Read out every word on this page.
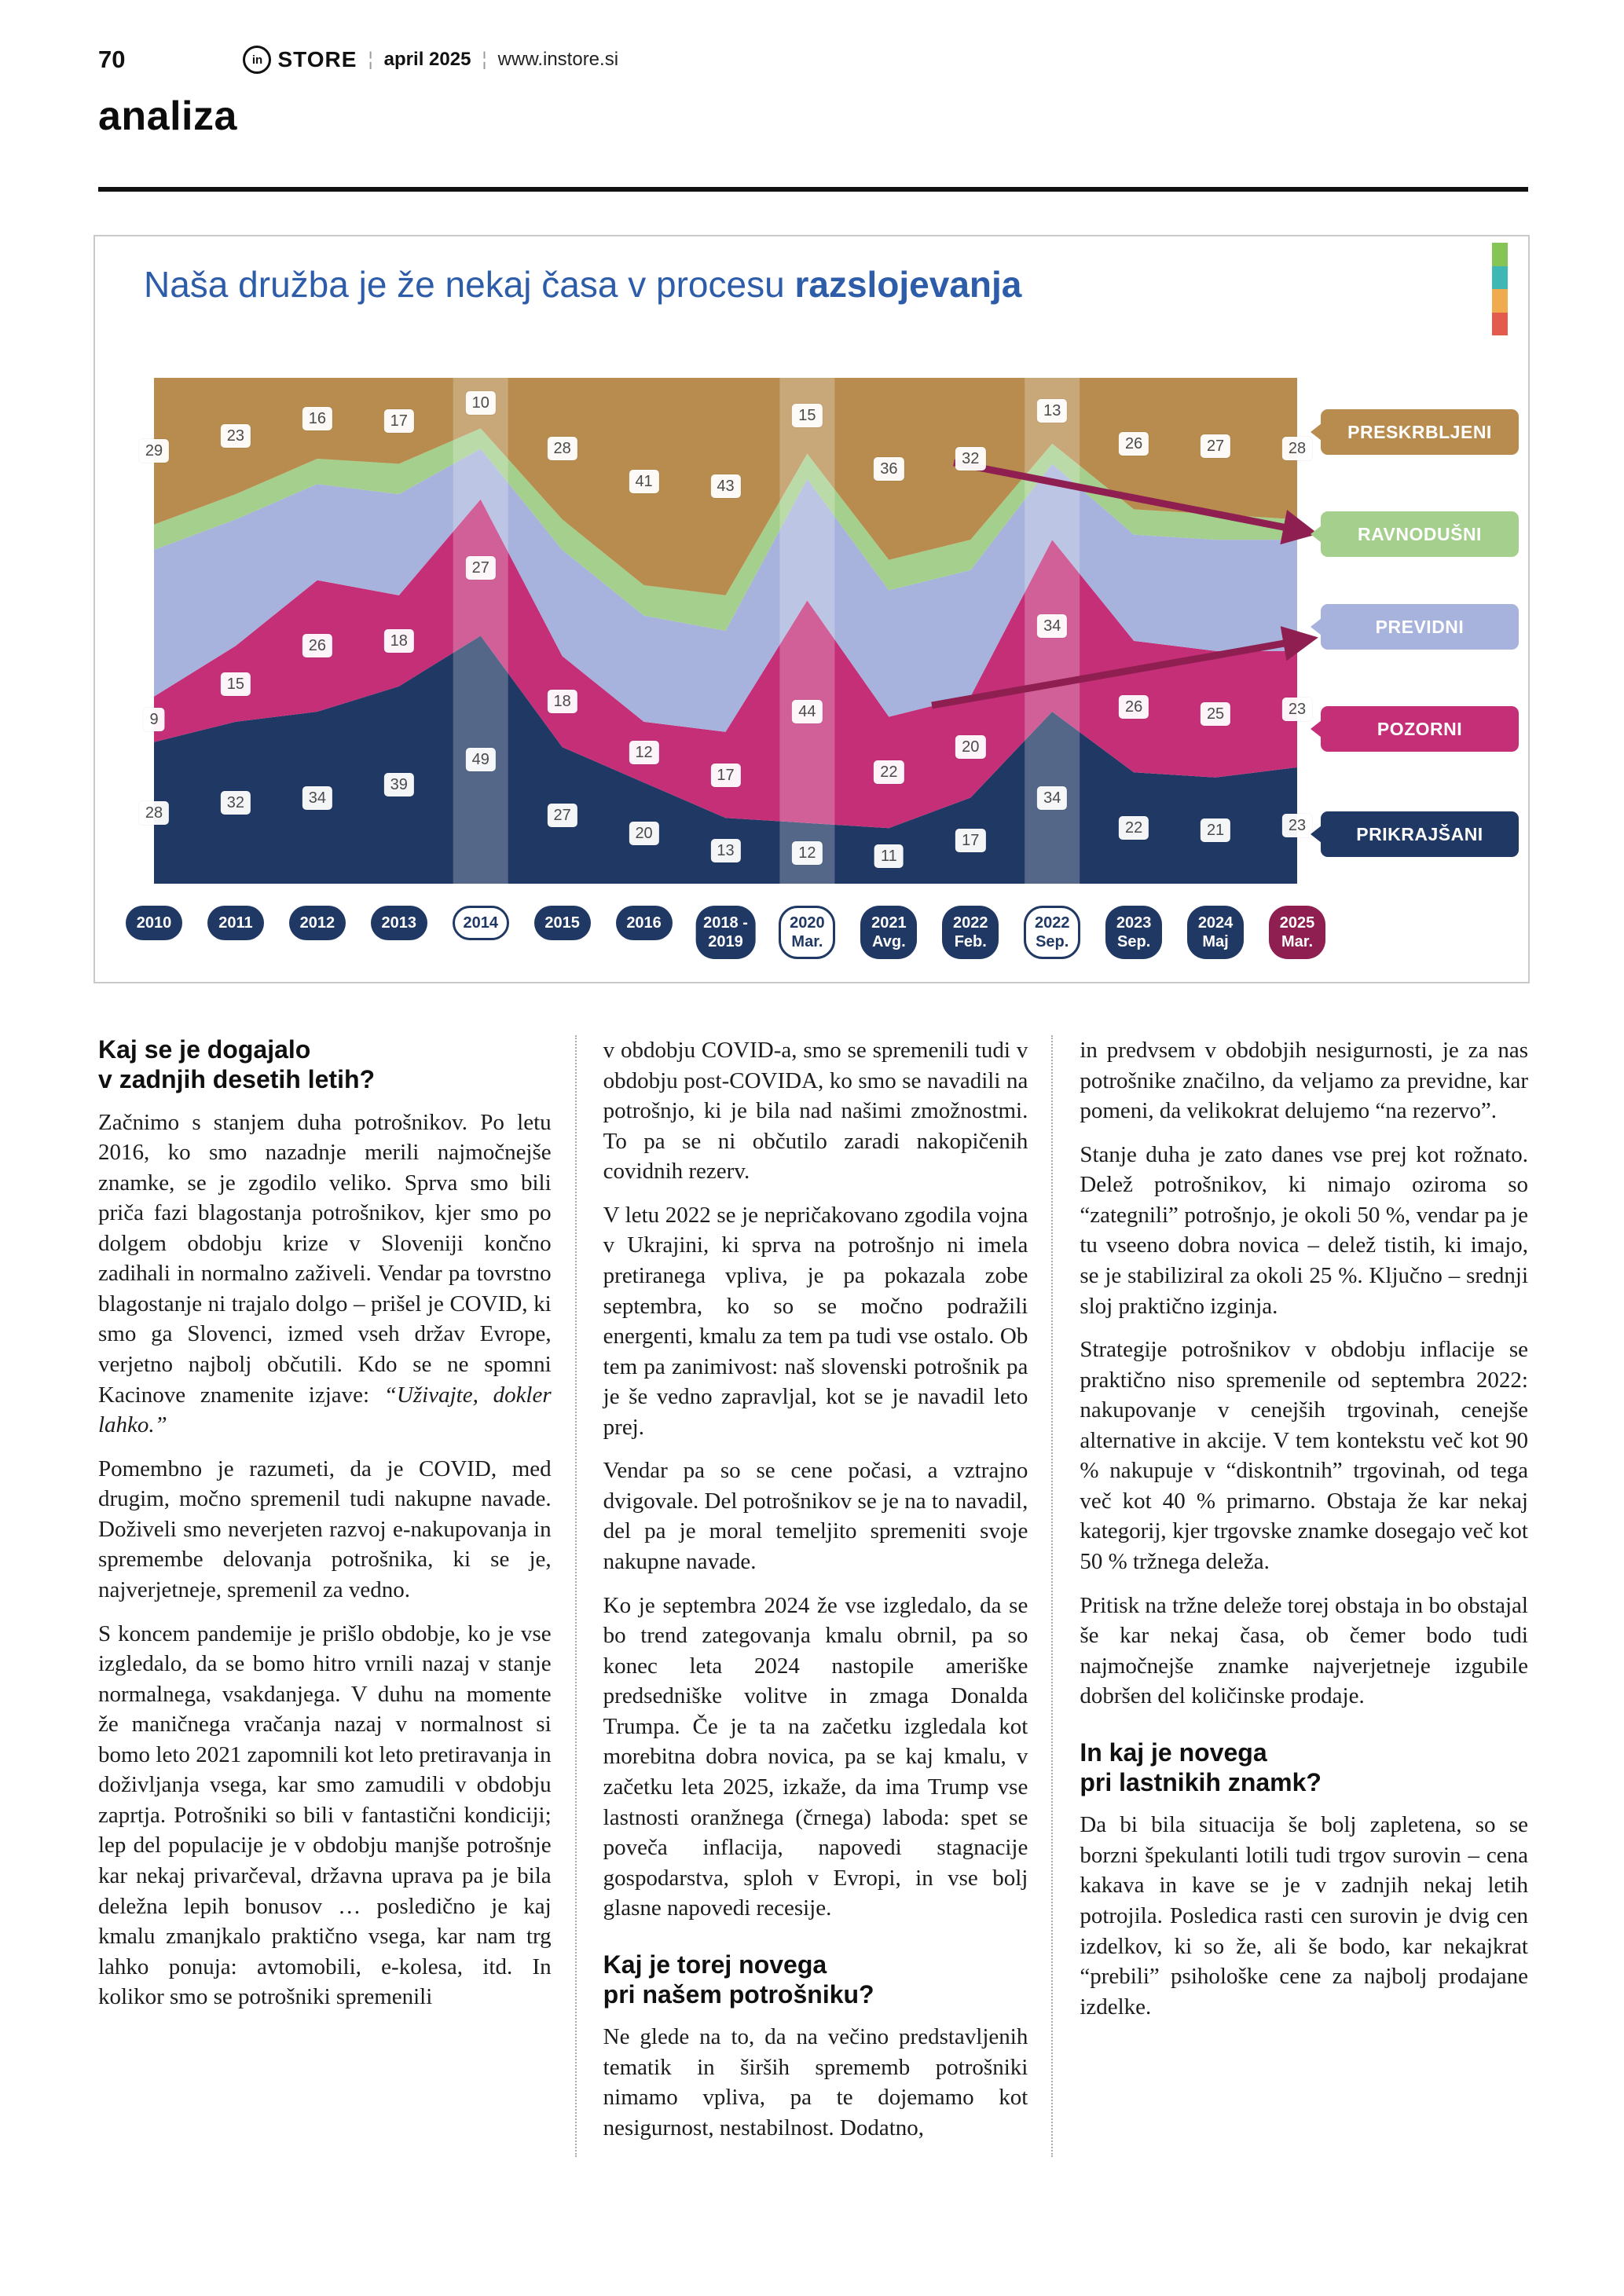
70	in STORE ¦ april 2025 ¦ www.instore.si
analiza
28
32	34
39
49
27
20
13	12	11
17
34
22	21	23
9
15
26	18
27
18
12
17
44
22
20
34
26	25	23
29
23
16	17
10
28
41	43
15
36
32
13
26	27	28
2010	2011	2012	2013	2014	2015	2016	2018 -
2019
2020
Mar.
2021
Avg.
2022
Feb.
2022
Sep.
2023
Sep.
2024
Maj
2025
Mar.
PRESKRBLJENI
RAVNODUŠNI
PREVIDNI
POZORNI
PRIKRAJŠANI
Naša družba je že nekaj časa v procesu razslojevanja
Kaj se je dogajalo
v zadnjih desetih letih?

Začnimo s stanjem duha potrošnikov. Po letu 2016, ko smo nazadnje merili najmočnejše znamke, se je zgodilo veliko. Sprva smo bili priča fazi blagostanja potrošnikov, kjer smo po dolgem obdobju krize v Sloveniji končno zadihali in normalno zaživeli. Vendar pa tovrstno blagostanje ni trajalo dolgo – prišel je COVID, ki smo ga Slovenci, izmed vseh držav Evrope, verjetno najbolj občutili. Kdo se ne spomni Kacinove znamenite izjave: “Uživajte, dokler lahko.”

Pomembno je razumeti, da je COVID, med drugim, močno spremenil tudi nakupne navade. Doživeli smo neverjeten razvoj e-nakupovanja in spremembe delovanja potrošnika, ki se je, najverjetneje, spremenil za vedno.

S koncem pandemije je prišlo obdobje, ko je vse izgledalo, da se bomo hitro vrnili nazaj v stanje normalnega, vsakdanjega. V duhu na momente že maničnega vračanja nazaj v normalnost si bomo leto 2021 zapomnili kot leto pretiravanja in doživljanja vsega, kar smo zamudili v obdobju zaprtja. Potrošniki so bili v fantastični kondiciji; lep del populacije je v obdobju manjše potrošnje kar nekaj privarčeval, državna uprava pa je bila deležna lepih bonusov … posledično je kaj kmalu zmanjkalo praktično vsega, kar nam trg lahko ponuja: avtomobili, e-kolesa, itd. In kolikor smo se potrošniki spremenili

v obdobju COVID-a, smo se spremenili tudi v obdobju post-COVIDA, ko smo se navadili na potrošnjo, ki je bila nad našimi zmožnostmi. To pa se ni občutilo zaradi nakopičenih covidnih rezerv.

V letu 2022 se je nepričakovano zgodila vojna v Ukrajini, ki sprva na potrošnjo ni imela pretiranega vpliva, je pa pokazala zobe septembra, ko so se močno podražili energenti, kmalu za tem pa tudi vse ostalo. Ob tem pa zanimivost: naš slovenski potrošnik pa je še vedno zapravljal, kot se je navadil leto prej.

Vendar pa so se cene počasi, a vztrajno dvigovale. Del potrošnikov se je na to navadil, del pa je moral temeljito spremeniti svoje nakupne navade.

Ko je septembra 2024 že vse izgledalo, da se bo trend zategovanja kmalu obrnil, pa so konec leta 2024 nastopile ameriške predsedniške volitve in zmaga Donalda Trumpa. Če je ta na začetku izgledala kot morebitna dobra novica, pa se kaj kmalu, v začetku leta 2025, izkaže, da ima Trump vse lastnosti oranžnega (črnega) laboda: spet se poveča inflacija, napovedi stagnacije gospodarstva, sploh v Evropi, in vse bolj glasne napovedi recesije.

Kaj je torej novega
pri našem potrošniku?

Ne glede na to, da na večino predstavljenih tematik in širših sprememb potrošniki nimamo vpliva, pa te dojemamo kot nesigurnost, nestabilnost. Dodatno,

in predvsem v obdobjih nesigurnosti, je za nas potrošnike značilno, da veljamo za previdne, kar pomeni, da velikokrat delujemo “na rezervo”.

Stanje duha je zato danes vse prej kot rožnato. Delež potrošnikov, ki nimajo oziroma so “zategnili” potrošnjo, je okoli 50 %, vendar pa je tu vseeno dobra novica – delež tistih, ki imajo, se je stabiliziral za okoli 25 %. Ključno – srednji sloj praktično izginja.

Strategije potrošnikov v obdobju inflacije se praktično niso spremenile od septembra 2022: nakupovanje v cenejših trgovinah, cenejše alternative in akcije. V tem kontekstu več kot 90 % nakupuje v “diskontnih” trgovinah, od tega več kot 40 % primarno. Obstaja že kar nekaj kategorij, kjer trgovske znamke dosegajo več kot 50 % tržnega deleža.

Pritisk na tržne deleže torej obstaja in bo obstajal še kar nekaj časa, ob čemer bodo tudi najmočnejše znamke najverjetneje izgubile dobršen del količinske prodaje.

In kaj je novega
pri lastnikih znamk?

Da bi bila situacija še bolj zapletena, so se borzni špekulanti lotili tudi trgov surovin – cena kakava in kave se je v zadnjih nekaj letih potrojila. Posledica rasti cen surovin je dvig cen izdelkov, ki so že, ali še bodo, kar nekajkrat “prebili” psihološke cene za najbolj prodajane izdelke.
